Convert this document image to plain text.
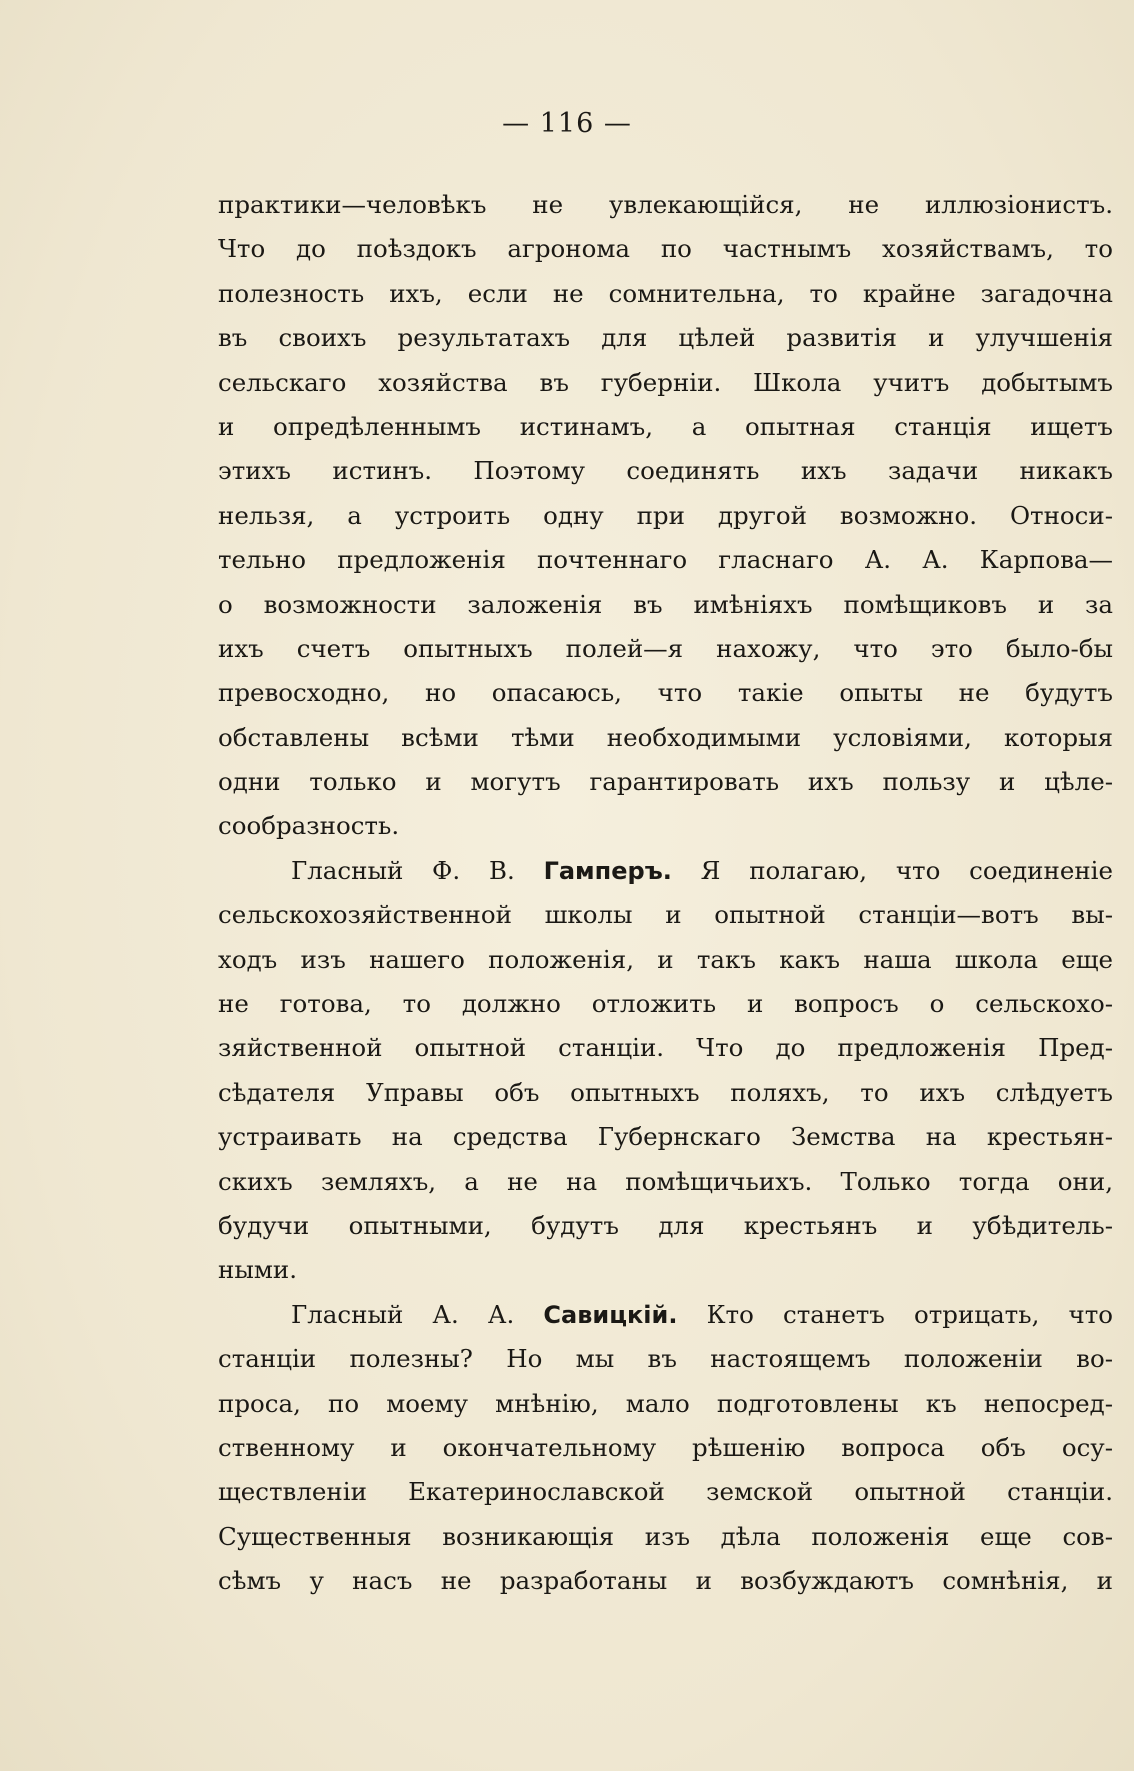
— 116 —
практики—человѣкъ не увлекающійся, не иллюзіонистъ.
Что до поѣздокъ агронома по частнымъ хозяйствамъ, то
полезность ихъ, если не сомнительна, то крайне загадочна
въ своихъ результатахъ для цѣлей развитія и улучшенія
сельскаго хозяйства въ губерніи. Школа учитъ добытымъ
и опредѣленнымъ истинамъ, а опытная станція ищетъ
этихъ истинъ. Поэтому соединять ихъ задачи никакъ
нельзя, а устроить одну при другой возможно. Относи-
тельно предложенія почтеннаго гласнаго А. А. Карпова—
о возможности заложенія въ имѣніяхъ помѣщиковъ и за
ихъ счетъ опытныхъ полей—я нахожу, что это было-бы
превосходно, но опасаюсь, что такіе опыты не будутъ
обставлены всѣми тѣми необходимыми условіями, которыя
одни только и могутъ гарантировать ихъ пользу и цѣле-
сообразность.
Гласный Ф. В. Гамперъ. Я полагаю, что соединеніе
сельскохозяйственной школы и опытной станціи—вотъ вы-
ходъ изъ нашего положенія, и такъ какъ наша школа еще
не готова, то должно отложить и вопросъ о сельскохо-
зяйственной опытной станціи. Что до предложенія Пред-
сѣдателя Управы объ опытныхъ поляхъ, то ихъ слѣдуетъ
устраивать на средства Губернскаго Земства на крестьян-
скихъ земляхъ, а не на помѣщичьихъ. Только тогда они,
будучи опытными, будутъ для крестьянъ и убѣдитель-
ными.
Гласный А. А. Савицкій. Кто станетъ отрицать, что
станціи полезны? Но мы въ настоящемъ положеніи во-
проса, по моему мнѣнію, мало подготовлены къ непосред-
ственному и окончательному рѣшенію вопроса объ осу-
ществленіи Екатеринославской земской опытной станціи.
Существенныя возникающія изъ дѣла положенія еще сов-
сѣмъ у насъ не разработаны и возбуждаютъ сомнѣнія, и
